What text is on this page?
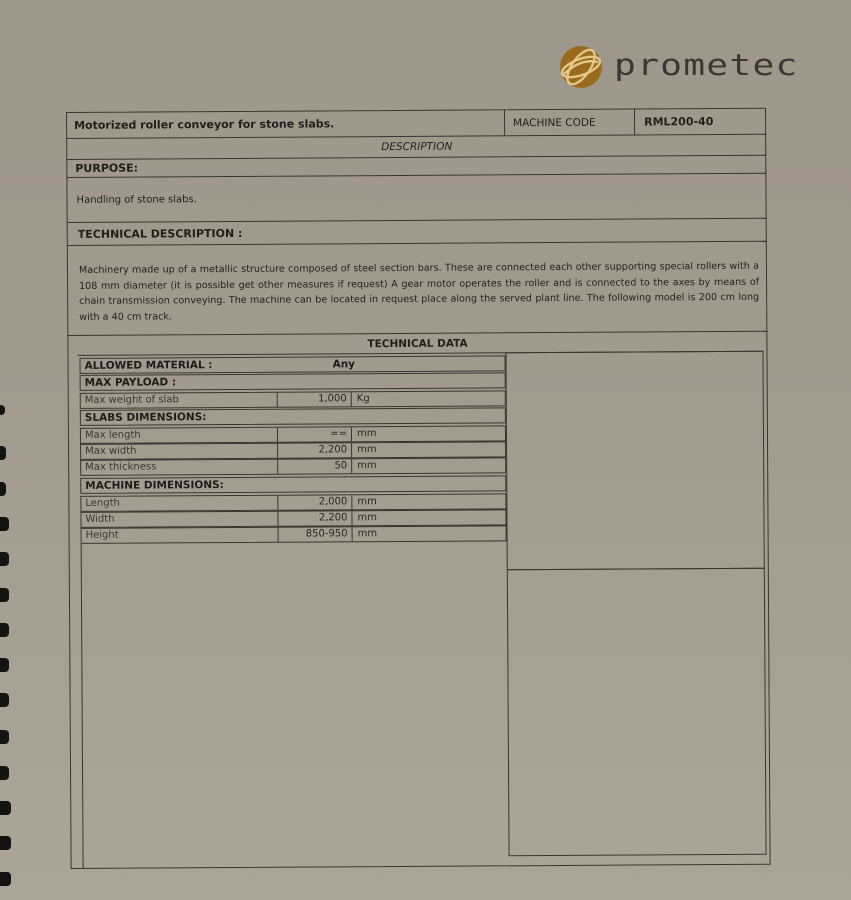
prometec
Motorized roller conveyor for stone slabs.	MACHINE CODE	RML200-40
DESCRIPTION
PURPOSE:
Handling of stone slabs.
TECHNICAL DESCRIPTION :
Machinery made up of a metallic structure composed of steel section bars. These are connected each other supporting special rollers with a 108 mm diameter (it is possible get other measures if request) A gear motor operates the roller and is connected to the axes by means of chain transmission conveying. The machine can be located in request place along the served plant line. The following model is 200 cm long with a 40 cm track.
TECHNICAL DATA
ALLOWED MATERIAL :	Any
MAX PAYLOAD :
Max weight of slab	1,000 Kg
SLABS DIMENSIONS:
Max length	== mm
Max width	2,200 mm
Max thickness	50 mm
MACHINE DIMENSIONS:
Length	2,000 mm
Width	2,200 mm
Height	850-950 mm
